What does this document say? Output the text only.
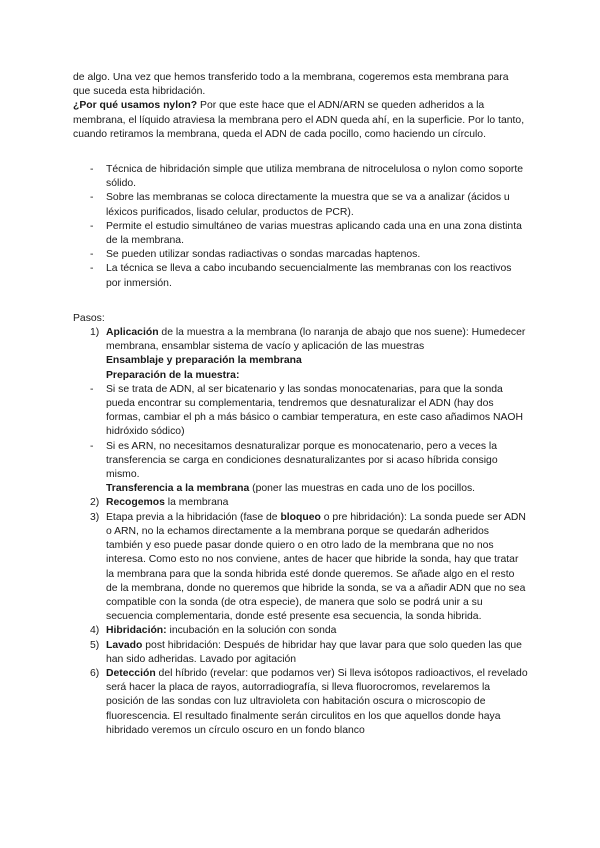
de algo. Una vez que hemos transferido todo a la membrana, cogeremos esta membrana para que suceda esta hibridación.

¿Por qué usamos nylon? Por que este hace que el ADN/ARN se queden adheridos a la membrana, el líquido atraviesa la membrana pero el ADN queda ahí, en la superficie. Por lo tanto, cuando retiramos la membrana, queda el ADN de cada pocillo, como haciendo un círculo.

- Técnica de hibridación simple que utiliza membrana de nitrocelulosa o nylon como soporte sólido.
- Sobre las membranas se coloca directamente la muestra que se va a analizar (ácidos u léxicos purificados, lisado celular, productos de PCR).
- Permite el estudio simultáneo de varias muestras aplicando cada una en una zona distinta de la membrana.
- Se pueden utilizar sondas radiactivas o sondas marcadas haptenos.
- La técnica se lleva a cabo incubando secuencialmente las membranas con los reactivos por inmersión.

Pasos:

1) Aplicación de la muestra a la membrana (lo naranja de abajo que nos suene): Humedecer membrana, ensamblar sistema de vacío y aplicación de las muestras
Ensamblaje y preparación la membrana
Preparación de la muestra:
- Si se trata de ADN, al ser bicatenario y las sondas monocatenarias, para que la sonda pueda encontrar su complementaria, tendremos que desnaturalizar el ADN (hay dos formas, cambiar el ph a más básico o cambiar temperatura, en este caso añadimos NAOH hidróxido sódico)
- Si es ARN, no necesitamos desnaturalizar porque es monocatenario, pero a veces la transferencia se carga en condiciones desnaturalizantes por si acaso híbrida consigo mismo.
Transferencia a la membrana (poner las muestras en cada uno de los pocillos.
2) Recogemos la membrana
3) Etapa previa a la hibridación (fase de bloqueo o pre hibridación): La sonda puede ser ADN o ARN, no la echamos directamente a la membrana porque se quedarán adheridos también y eso puede pasar donde quiero o en otro lado de la membrana que no nos interesa. Como esto no nos conviene, antes de hacer que hibride la sonda, hay que tratar la membrana para que la sonda hibrida esté donde queremos. Se añade algo en el resto de la membrana, donde no queremos que hibride la sonda, se va a añadir ADN que no sea compatible con la sonda (de otra especie), de manera que solo se podrá unir a su secuencia complementaria, donde esté presente esa secuencia, la sonda hibrida.
4) Hibridación: incubación en la solución con sonda
5) Lavado post hibridación: Después de hibridar hay que lavar para que solo queden las que han sido adheridas. Lavado por agitación
6) Detección del híbrido (revelar: que podamos ver) Si lleva isótopos radioactivos, el revelado será hacer la placa de rayos, autorradiografía, si lleva fluorocromos, revelaremos la posición de las sondas con luz ultravioleta con habitación oscura o microscopio de fluorescencia. El resultado finalmente serán circulitos en los que aquellos donde haya hibridado veremos un círculo oscuro en un fondo blanco
